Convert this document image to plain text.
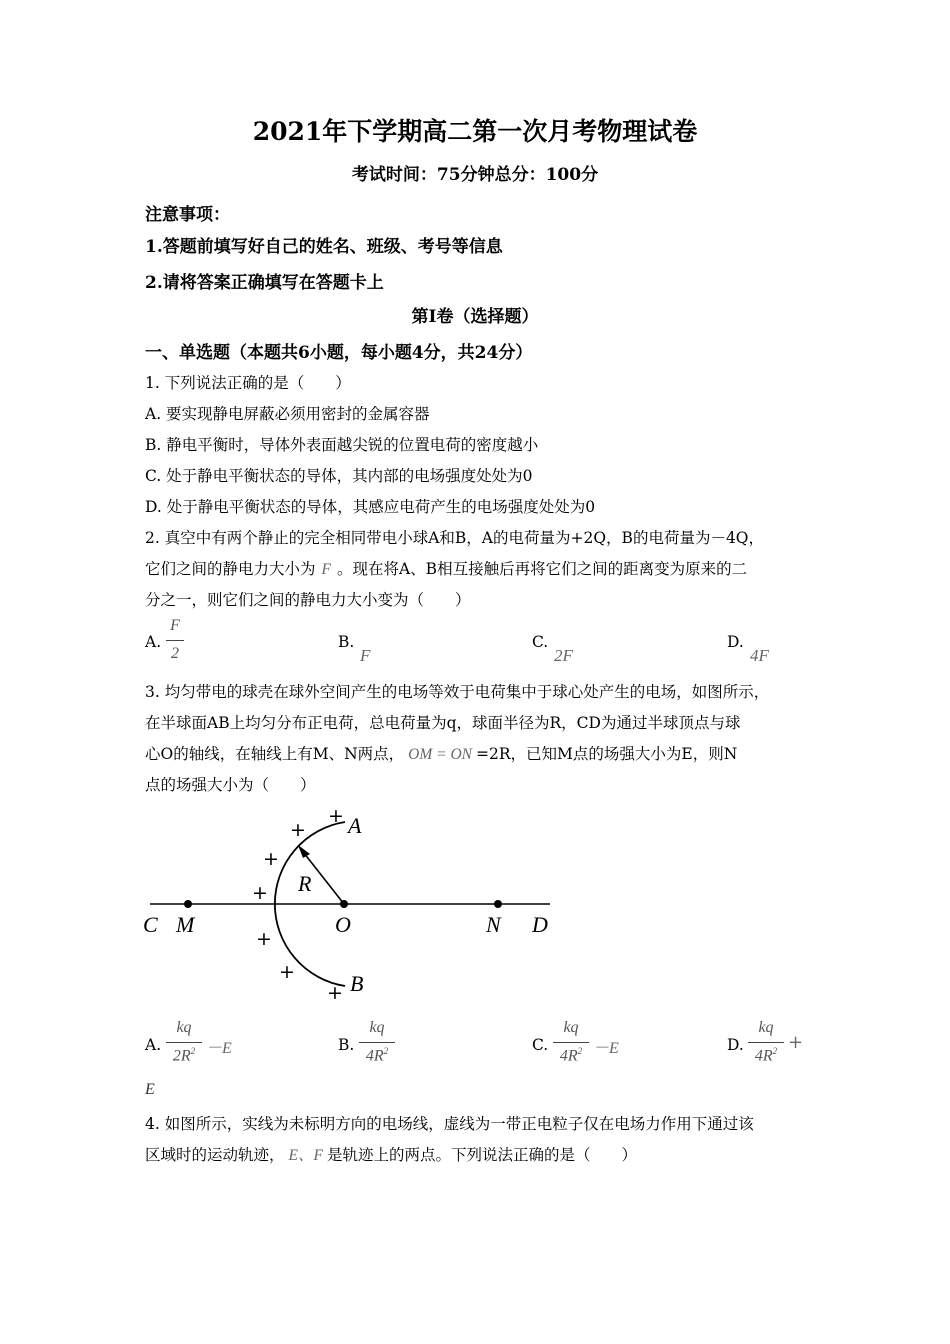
2021年下学期高二第一次月考物理试卷
考试时间：75分钟总分：100分
注意事项：
1.答题前填写好自己的姓名、班级、考号等信息
2.请将答案正确填写在答题卡上
第I卷（选择题）
一、单选题（本题共6小题，每小题4分，共24分）
1. 下列说法正确的是（　　）
A. 要实现静电屏蔽必须用密封的金属容器
B. 静电平衡时，导体外表面越尖锐的位置电荷的密度越小
C. 处于静电平衡状态的导体，其内部的电场强度处处为0
D. 处于静电平衡状态的导体，其感应电荷产生的电场强度处处为0
2. 真空中有两个静止的完全相同带电小球A和B，A的电荷量为+2Q，B的电荷量为－4Q，
它们之间的静电力大小为 F 。现在将A、B相互接触后再将它们之间的距离变为原来的二
分之一，则它们之间的静电力大小变为（　　）
A.
F
2
B.
F
C.
2F
D.
4F
3. 均匀带电的球壳在球外空间产生的电场等效于电荷集中于球心处产生的电场，如图所示，
在半球面AB上均匀分布正电荷，总电荷量为q，球面半径为R，CD为通过半球顶点与球
心O的轴线，在轴线上有M、N两点， OM = ON =2R，已知M点的场强大小为E，则N
点的场强大小为（　　）
A
B
C	D
M	O	N
R
+
+
+
+
+
+
+
A.
kq
$2R^2 -E$	B.
kq
$4R^2$	C.
kq
$4R^2 -E$	D.
kq
$4R^2$ +
E
4. 如图所示，实线为未标明方向的电场线，虚线为一带正电粒子仅在电场力作用下通过该
区域时的运动轨迹， E、F 是轨迹上的两点。下列说法正确的是（　　）
